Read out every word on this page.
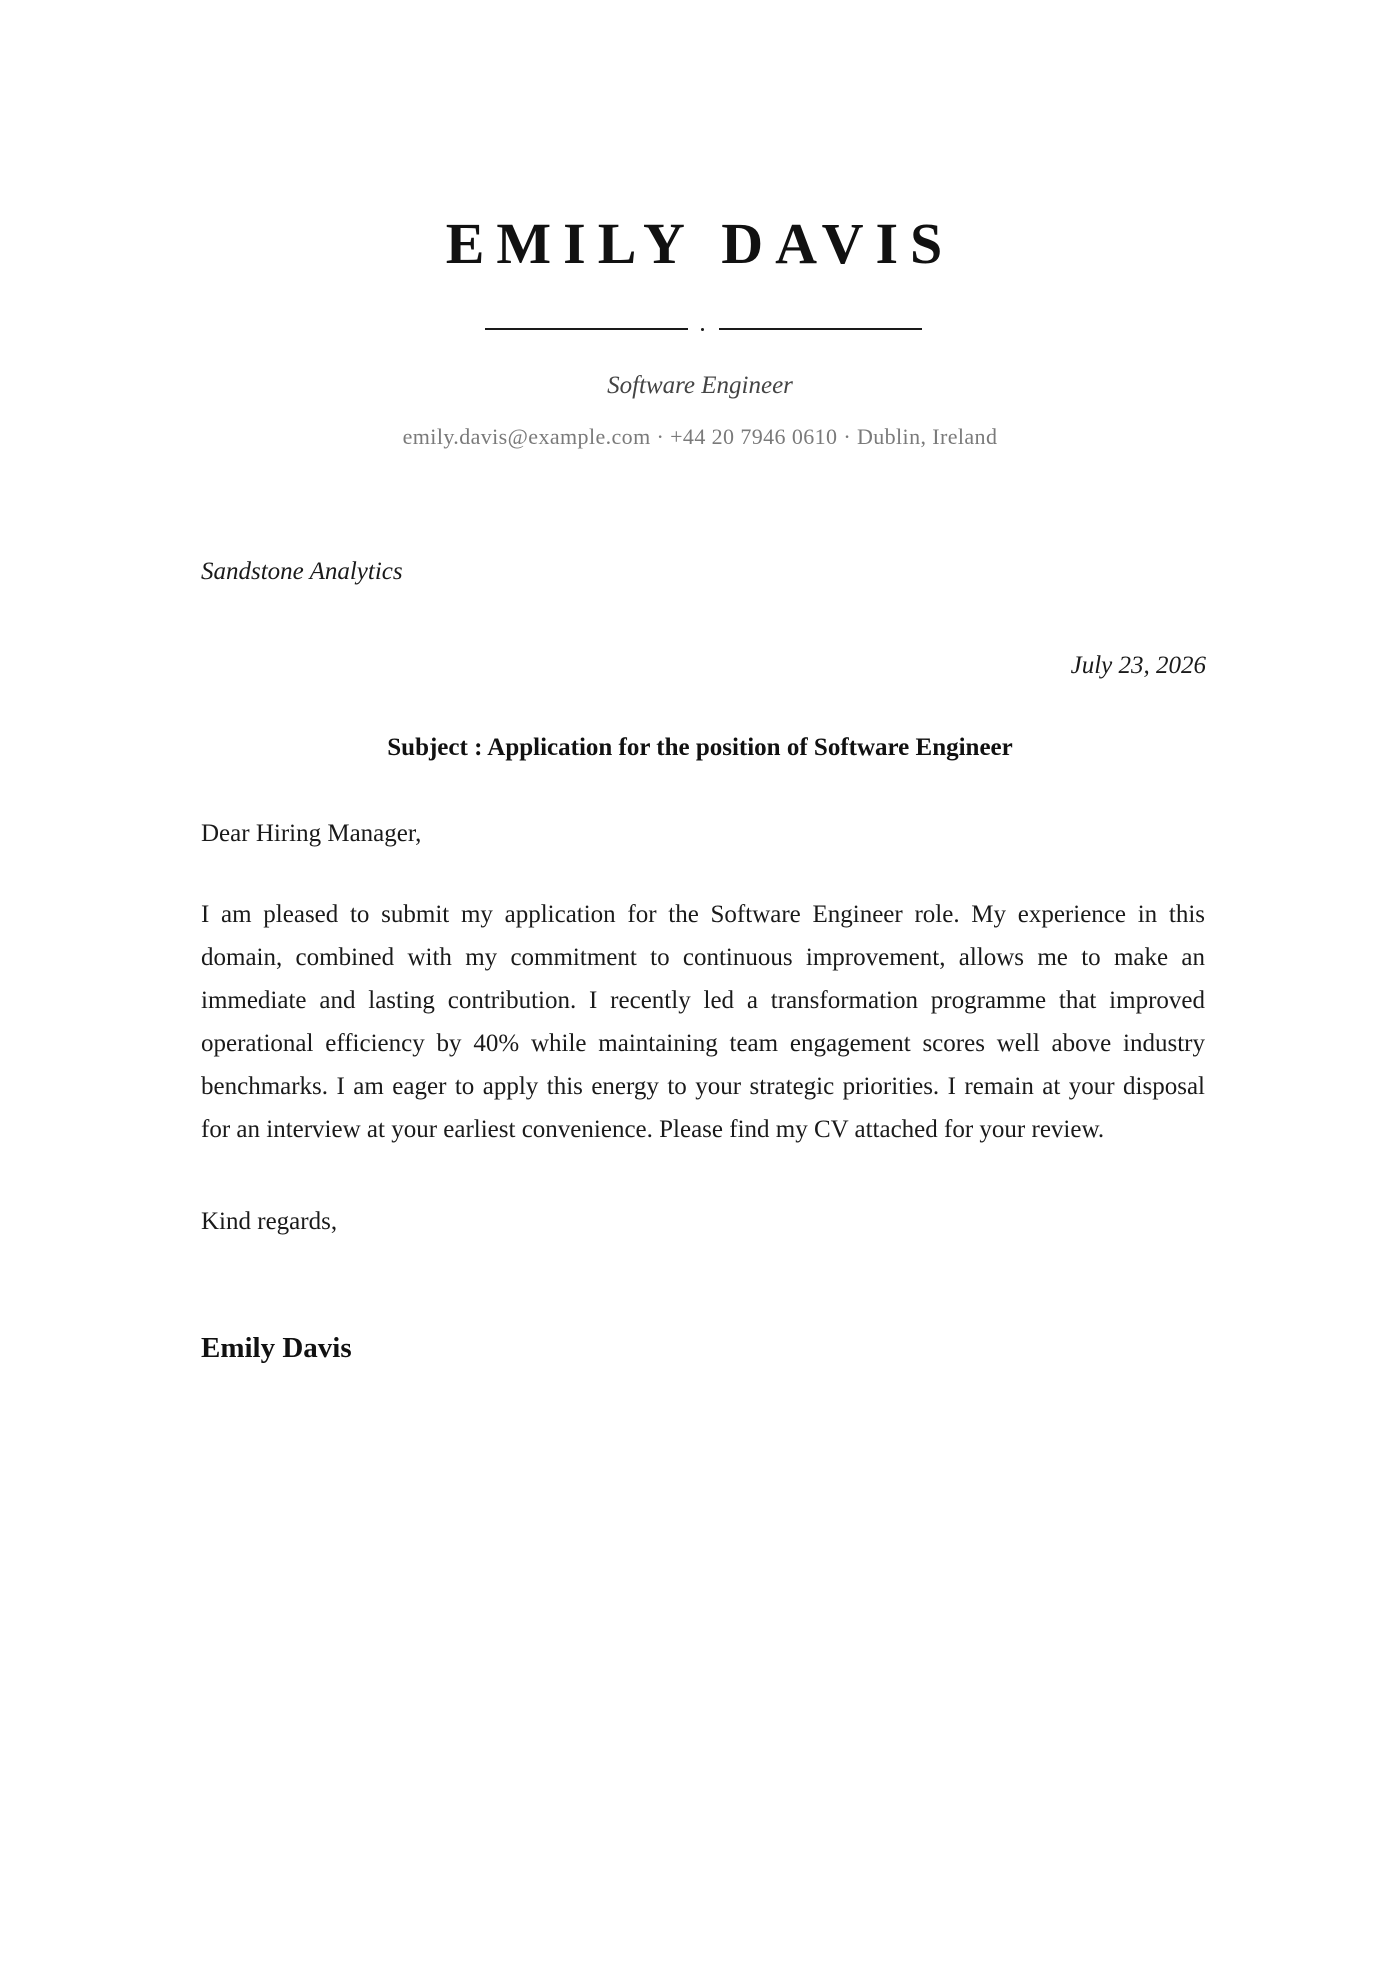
EMILY DAVIS
Software Engineer
emily.davis@example.com · +44 20 7946 0610 · Dublin, Ireland
Sandstone Analytics
July 23, 2026
Subject : Application for the position of Software Engineer
Dear Hiring Manager,

I am pleased to submit my application for the Software Engineer role. My experience in this domain, combined with my commitment to continuous improvement, allows me to make an immediate and lasting contribution. I recently led a transformation programme that improved operational efficiency by 40% while maintaining team engagement scores well above industry benchmarks. I am eager to apply this energy to your strategic priorities. I remain at your disposal for an interview at your earliest convenience. Please find my CV attached for your review.

Kind regards,
Emily Davis
